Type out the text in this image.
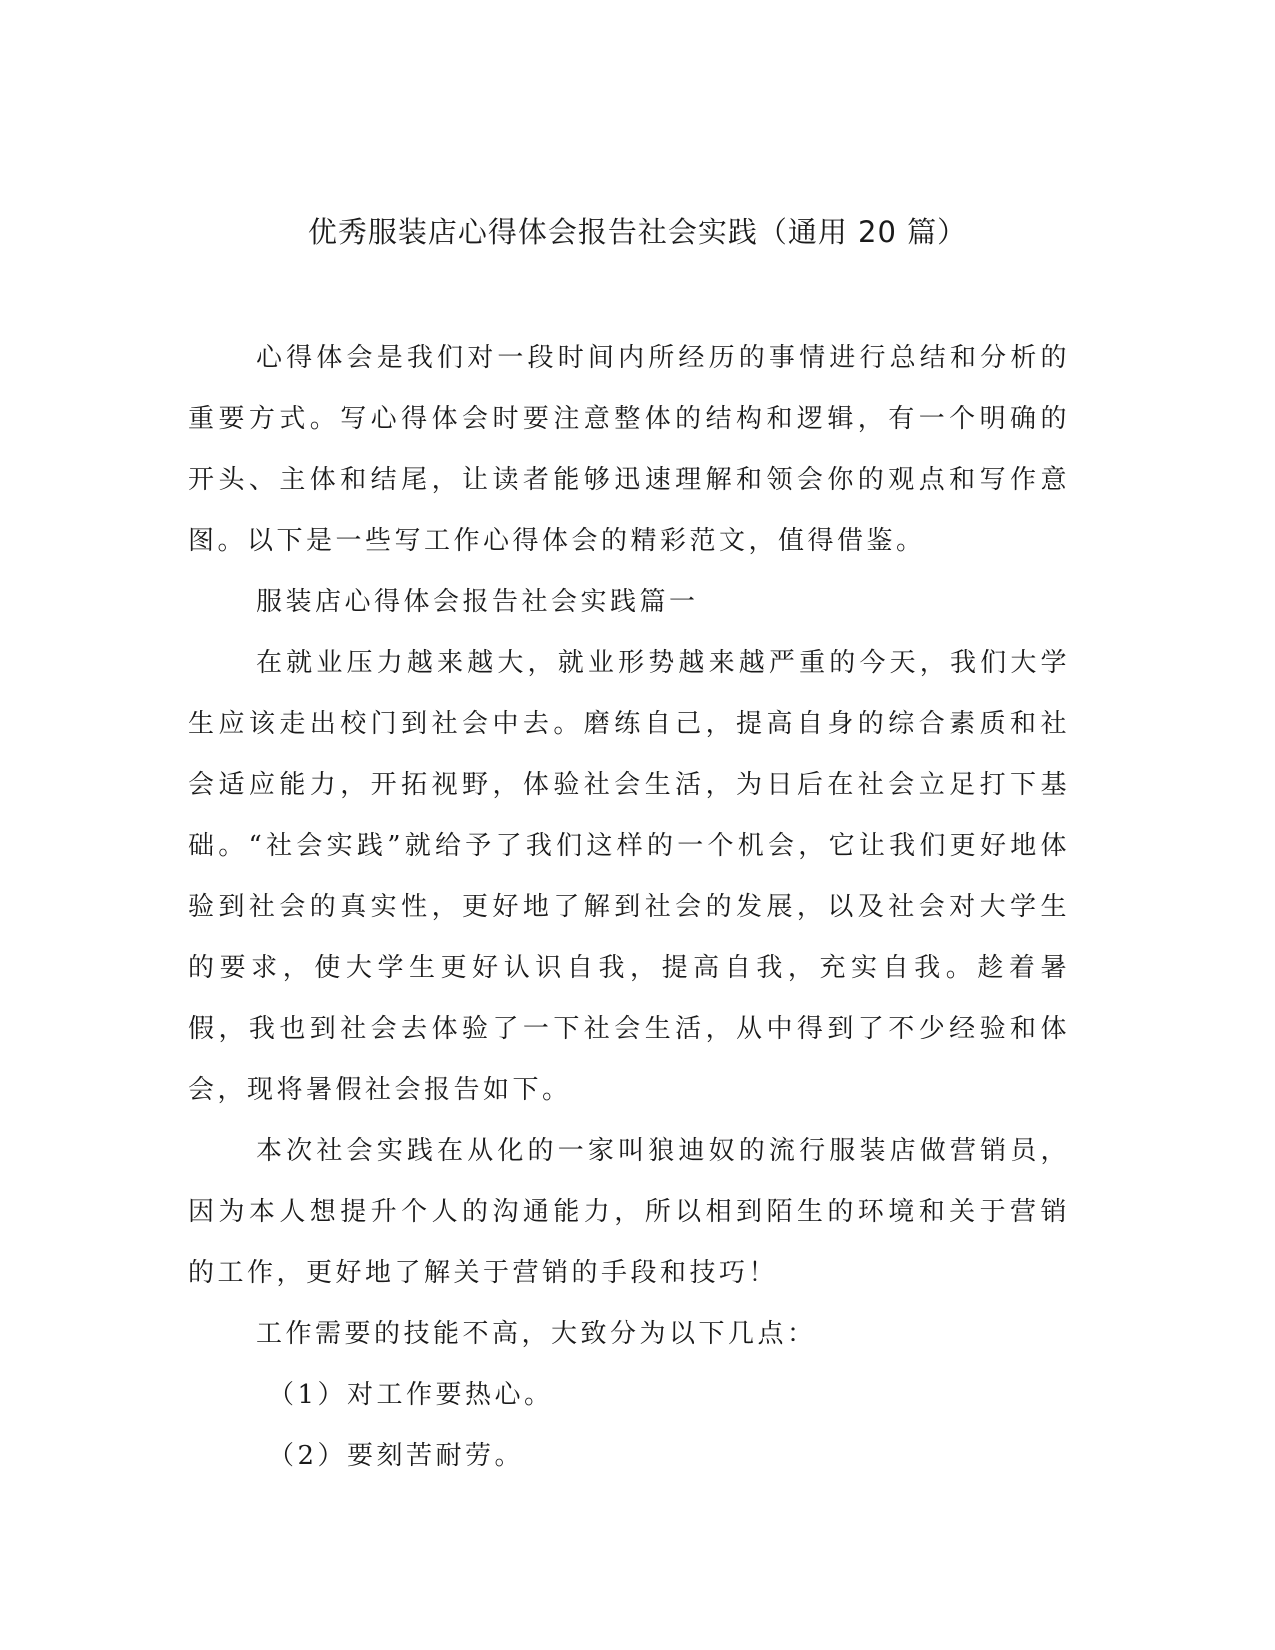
优秀服装店心得体会报告社会实践（通用 20 篇）

心得体会是我们对一段时间内所经历的事情进行总结和分析的重要方式。写心得体会时要注意整体的结构和逻辑，有一个明确的开头、主体和结尾，让读者能够迅速理解和领会你的观点和写作意图。以下是一些写工作心得体会的精彩范文，值得借鉴。

服装店心得体会报告社会实践篇一

在就业压力越来越大，就业形势越来越严重的今天，我们大学生应该走出校门到社会中去。磨练自己，提高自身的综合素质和社会适应能力，开拓视野，体验社会生活，为日后在社会立足打下基础。“社会实践”就给予了我们这样的一个机会，它让我们更好地体验到社会的真实性，更好地了解到社会的发展，以及社会对大学生的要求，使大学生更好认识自我，提高自我，充实自我。趁着暑假，我也到社会去体验了一下社会生活，从中得到了不少经验和体会，现将暑假社会报告如下。

本次社会实践在从化的一家叫狼迪奴的流行服装店做营销员，因为本人想提升个人的沟通能力，所以相到陌生的环境和关于营销的工作，更好地了解关于营销的手段和技巧！

工作需要的技能不高，大致分为以下几点：

（1）对工作要热心。

（2）要刻苦耐劳。
